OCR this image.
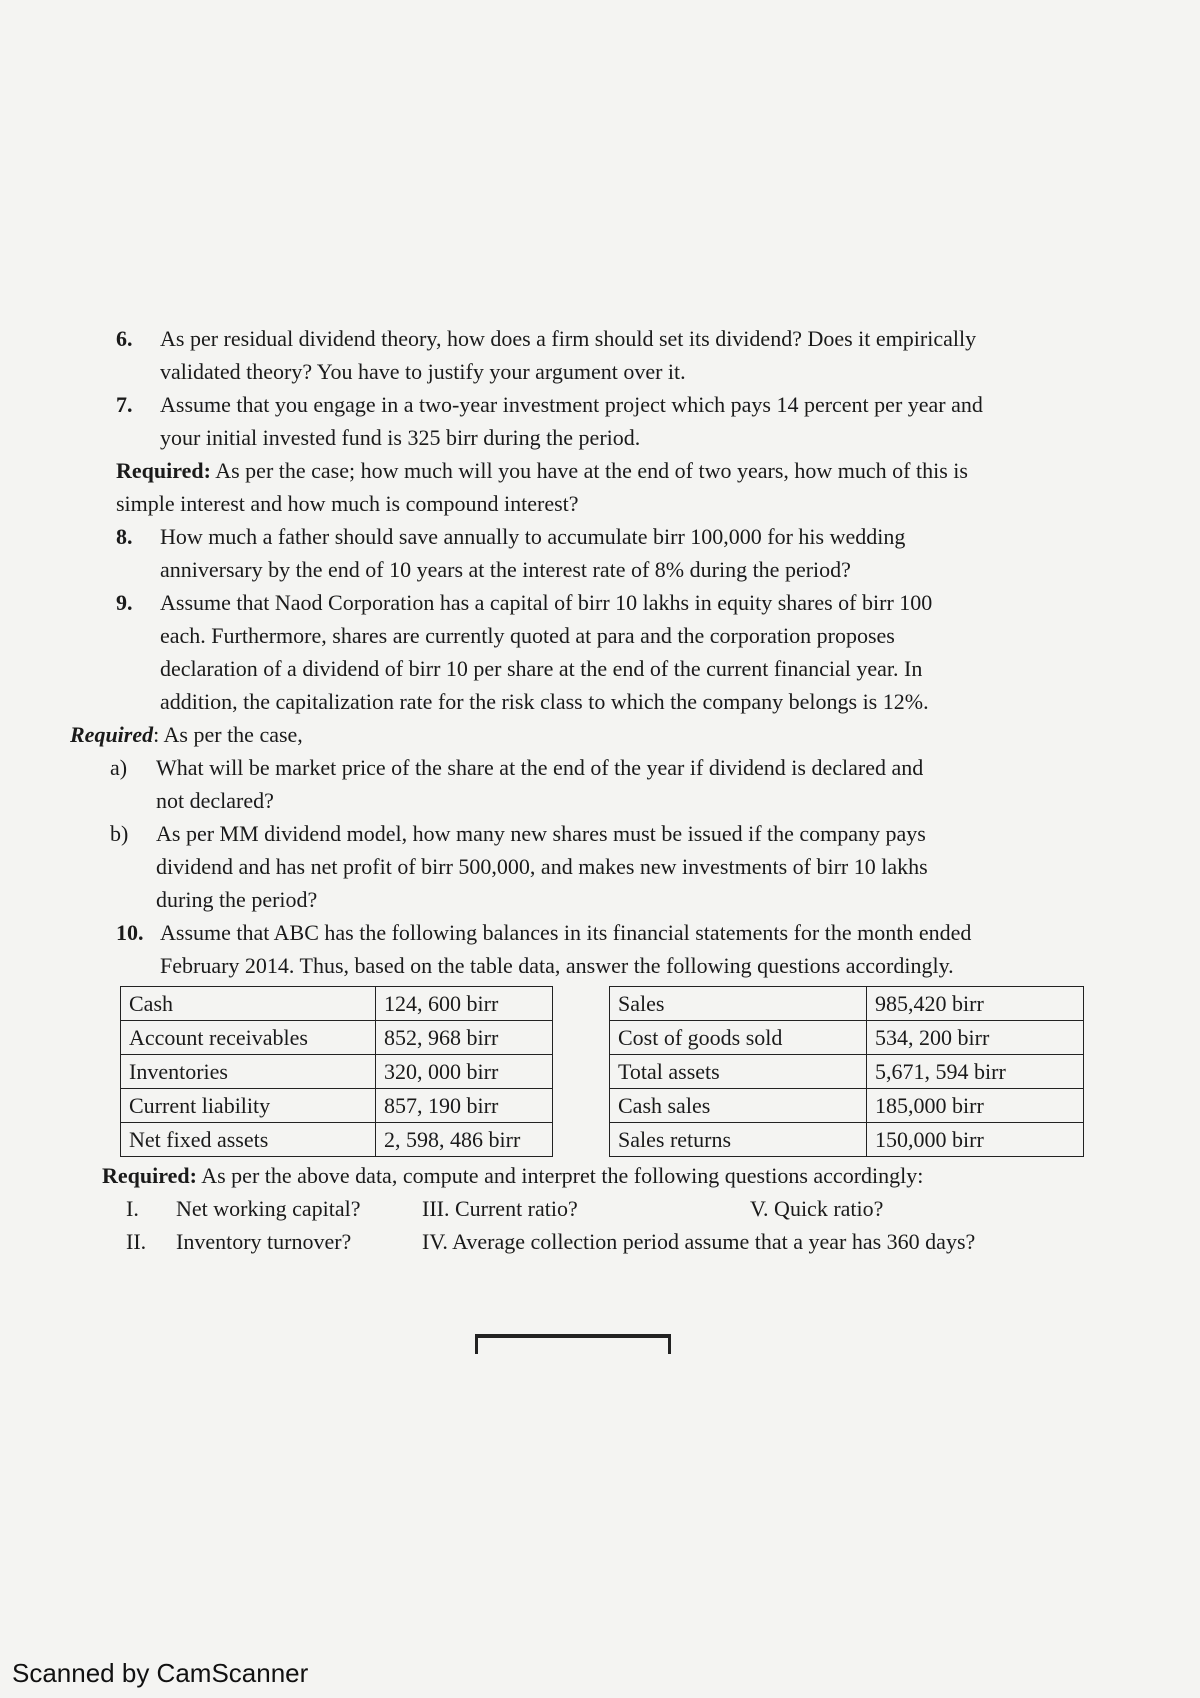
6. As per residual dividend theory, how does a firm should set its dividend? Does it empirically
validated theory? You have to justify your argument over it.
7. Assume that you engage in a two-year investment project which pays 14 percent per year and
your initial invested fund is 325 birr during the period.
Required: As per the case; how much will you have at the end of two years, how much of this is
simple interest and how much is compound interest?
8. How much a father should save annually to accumulate birr 100,000 for his wedding
anniversary by the end of 10 years at the interest rate of 8% during the period?
9. Assume that Naod Corporation has a capital of birr 10 lakhs in equity shares of birr 100
each. Furthermore, shares are currently quoted at para and the corporation proposes
declaration of a dividend of birr 10 per share at the end of the current financial year. In
addition, the capitalization rate for the risk class to which the company belongs is 12%.
Required: As per the case,
a) What will be market price of the share at the end of the year if dividend is declared and
not declared?
b) As per MM dividend model, how many new shares must be issued if the company pays
dividend and has net profit of birr 500,000, and makes new investments of birr 10 lakhs
during the period?
10. Assume that ABC has the following balances in its financial statements for the month ended
February 2014. Thus, based on the table data, answer the following questions accordingly.
Cash	124, 600 birr		Sales	985,420 birr
Account receivables	852, 968 birr		Cost of goods sold	534, 200 birr
Inventories	320, 000 birr		Total assets	5,671, 594 birr
Current liability	857, 190 birr		Cash sales	185,000 birr
Net fixed assets	2, 598, 486 birr		Sales returns	150,000 birr
Required: As per the above data, compute and interpret the following questions accordingly:
I. Net working capital?	III. Current ratio?	V. Quick ratio?
II. Inventory turnover?	IV. Average collection period assume that a year has 360 days?
Scanned by CamScanner
